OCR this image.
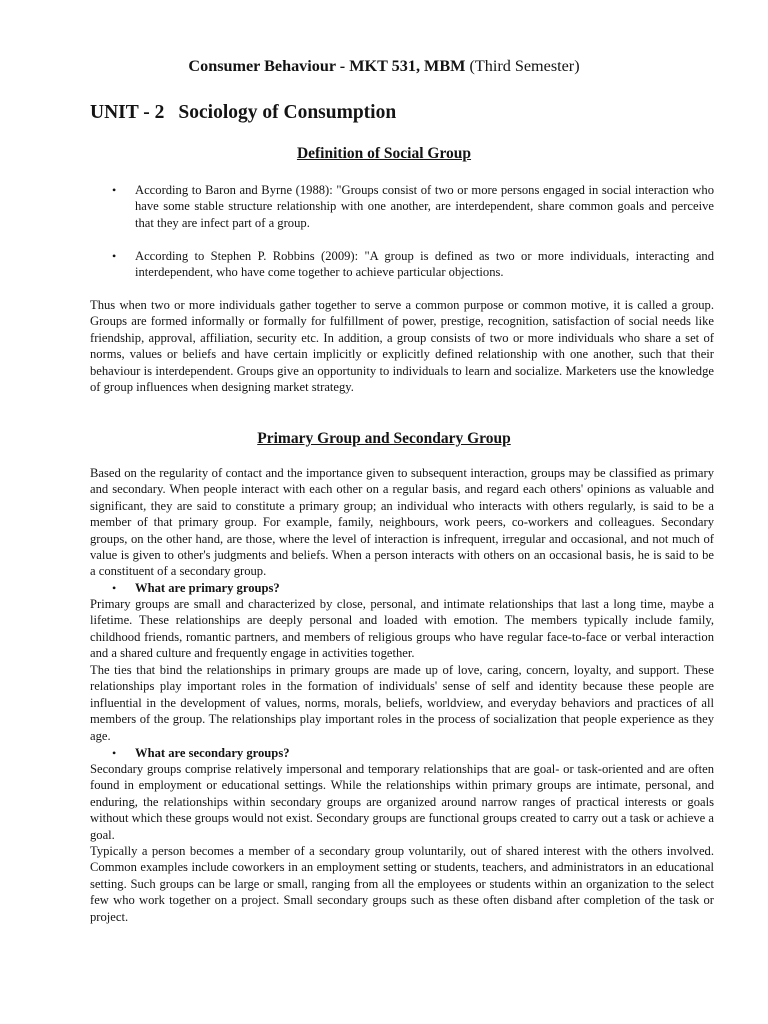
Consumer Behaviour - MKT 531, MBM (Third Semester)
UNIT - 2 Sociology of Consumption
Definition of Social Group
• According to Baron and Byrne (1988): "Groups consist of two or more persons engaged in social interaction who have some stable structure relationship with one another, are interdependent, share common goals and perceive that they are infect part of a group.
• According to Stephen P. Robbins (2009): "A group is defined as two or more individuals, interacting and interdependent, who have come together to achieve particular objections.

Thus when two or more individuals gather together to serve a common purpose or common motive, it is called a group. Groups are formed informally or formally for fulfillment of power, prestige, recognition, satisfaction of social needs like friendship, approval, affiliation, security etc. In addition, a group consists of two or more individuals who share a set of norms, values or beliefs and have certain implicitly or explicitly defined relationship with one another, such that their behaviour is interdependent. Groups give an opportunity to individuals to learn and socialize. Marketers use the knowledge of group influences when designing market strategy.

Primary Group and Secondary Group

Based on the regularity of contact and the importance given to subsequent interaction, groups may be classified as primary and secondary. When people interact with each other on a regular basis, and regard each others' opinions as valuable and significant, they are said to constitute a primary group; an individual who interacts with others regularly, is said to be a member of that primary group. For example, family, neighbours, work peers, co-workers and colleagues. Secondary groups, on the other hand, are those, where the level of interaction is infrequent, irregular and occasional, and not much of value is given to other's judgments and beliefs. When a person interacts with others on an occasional basis, he is said to be a constituent of a secondary group.

• What are primary groups?

Primary groups are small and characterized by close, personal, and intimate relationships that last a long time, maybe a lifetime. These relationships are deeply personal and loaded with emotion. The members typically include family, childhood friends, romantic partners, and members of religious groups who have regular face-to-face or verbal interaction and a shared culture and frequently engage in activities together.

The ties that bind the relationships in primary groups are made up of love, caring, concern, loyalty, and support. These relationships play important roles in the formation of individuals' sense of self and identity because these people are influential in the development of values, norms, morals, beliefs, worldview, and everyday behaviors and practices of all members of the group. The relationships play important roles in the process of socialization that people experience as they age.

• What are secondary groups?

Secondary groups comprise relatively impersonal and temporary relationships that are goal- or task-oriented and are often found in employment or educational settings. While the relationships within primary groups are intimate, personal, and enduring, the relationships within secondary groups are organized around narrow ranges of practical interests or goals without which these groups would not exist. Secondary groups are functional groups created to carry out a task or achieve a goal.

Typically a person becomes a member of a secondary group voluntarily, out of shared interest with the others involved. Common examples include coworkers in an employment setting or students, teachers, and administrators in an educational setting. Such groups can be large or small, ranging from all the employees or students within an organization to the select few who work together on a project. Small secondary groups such as these often disband after completion of the task or project.
